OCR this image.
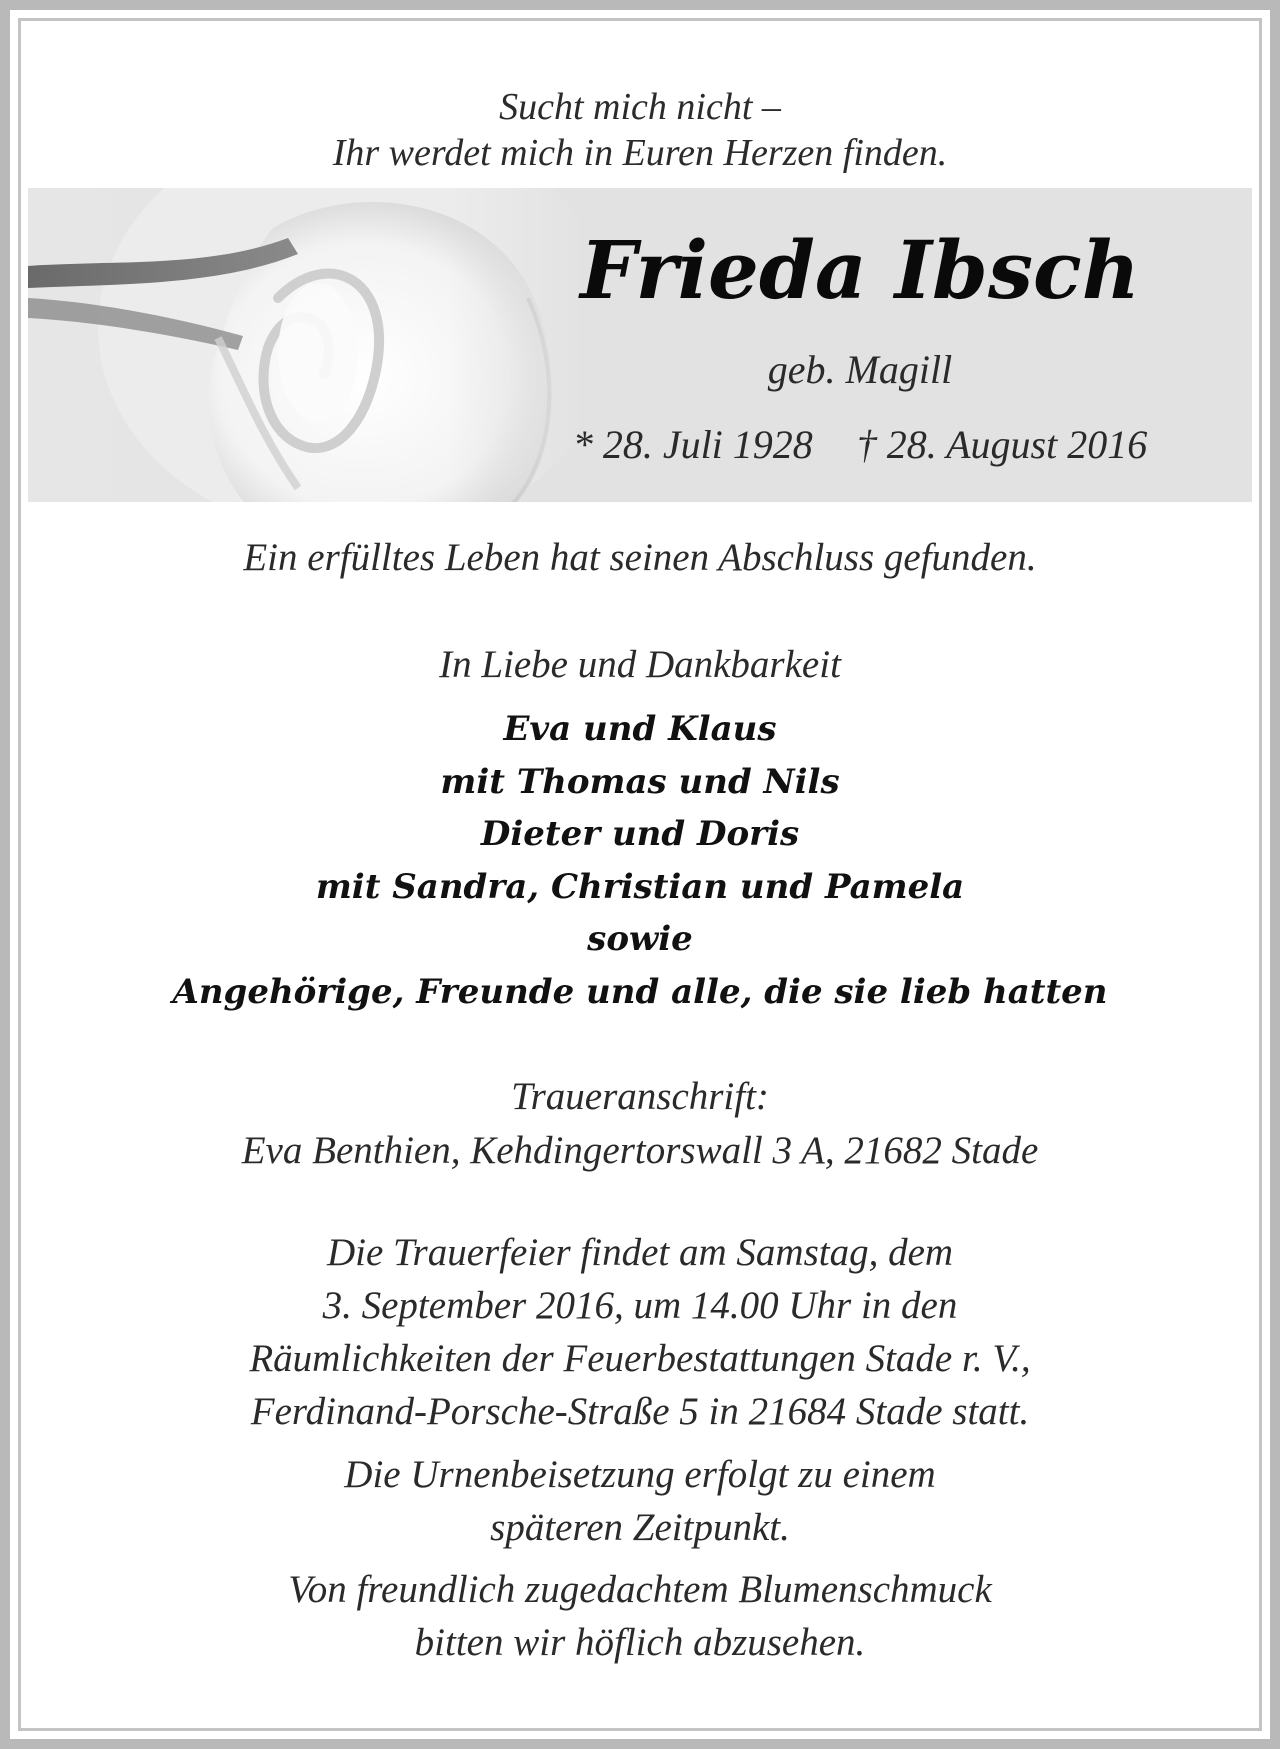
Sucht mich nicht –
Ihr werdet mich in Euren Herzen finden.
Frieda Ibsch
geb. Magill
* 28. Juli 1928 † 28. August 2016
Ein erfülltes Leben hat seinen Abschluss gefunden.
In Liebe und Dankbarkeit
Eva und Klaus
mit Thomas und Nils
Dieter und Doris
mit Sandra, Christian und Pamela
sowie
Angehörige, Freunde und alle, die sie lieb hatten
Traueranschrift:
Eva Benthien, Kehdingertorswall 3 A, 21682 Stade
Die Trauerfeier findet am Samstag, dem
3. September 2016, um 14.00 Uhr in den
Räumlichkeiten der Feuerbestattungen Stade r. V.,
Ferdinand-Porsche-Straße 5 in 21684 Stade statt.
Die Urnenbeisetzung erfolgt zu einem
späteren Zeitpunkt.
Von freundlich zugedachtem Blumenschmuck
bitten wir höflich abzusehen.
